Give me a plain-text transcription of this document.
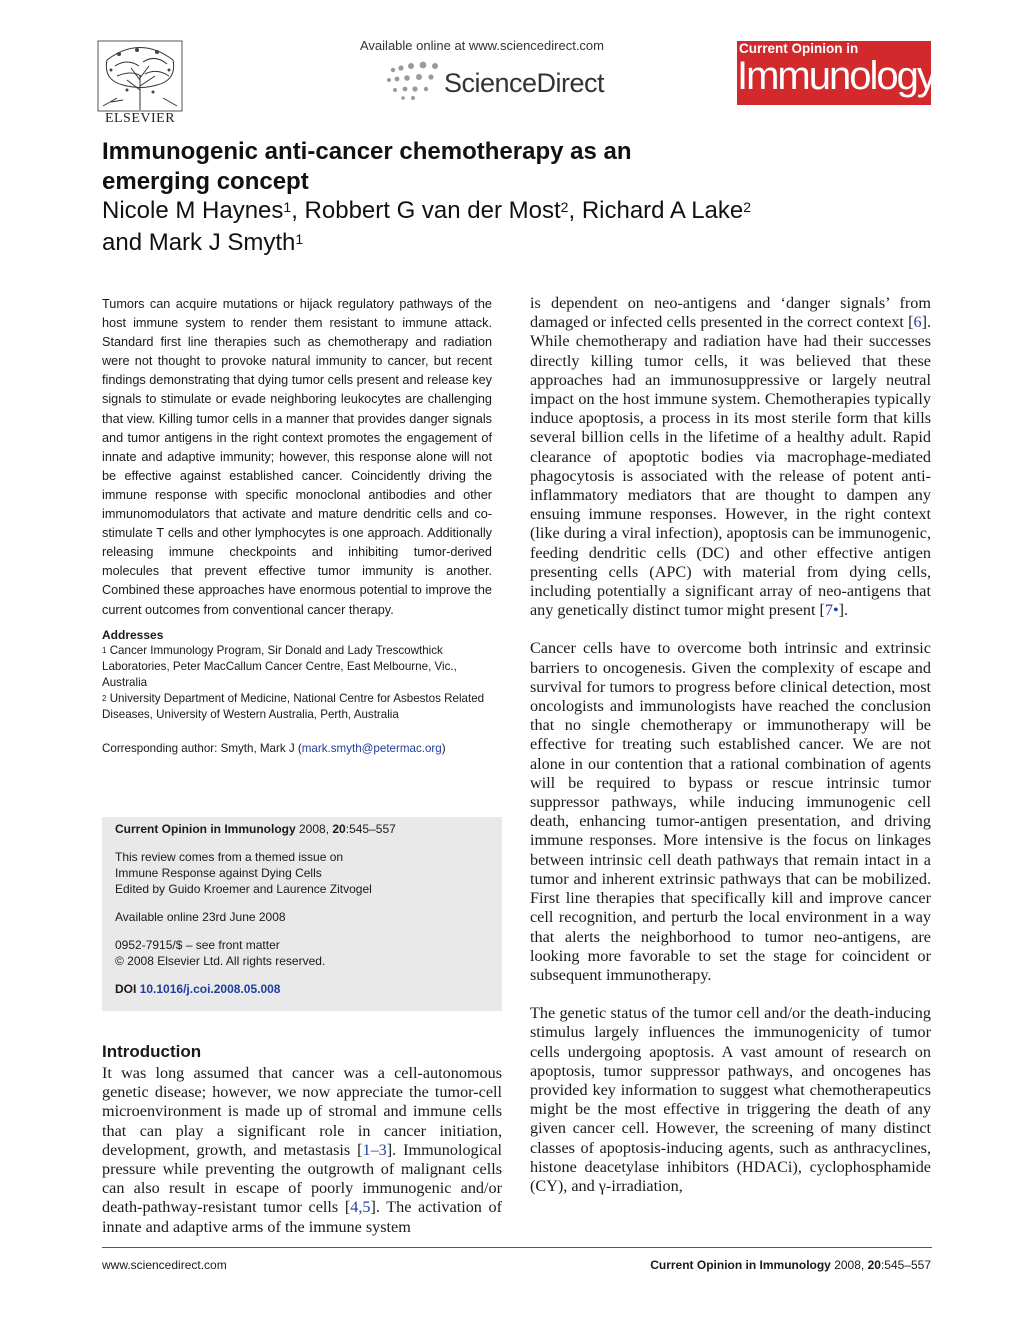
ELSEVIER
Available online at www.sciencedirect.com
ScienceDirect
Current Opinion in
Immunology
Immunogenic anti-cancer chemotherapy as an emerging concept
Nicole M Haynes$^1$, Robbert G van der Most$^2$, Richard A Lake$^2$
and Mark J Smyth$^1$

Tumors can acquire mutations or hijack regulatory pathways of the host immune system to render them resistant to immune attack. Standard first line therapies such as chemotherapy and radiation were not thought to provoke natural immunity to cancer, but recent findings demonstrating that dying tumor cells present and release key signals to stimulate or evade neighboring leukocytes are challenging that view. Killing tumor cells in a manner that provides danger signals and tumor antigens in the right context promotes the engagement of innate and adaptive immunity; however, this response alone will not be effective against established cancer. Coincidently driving the immune response with specific monoclonal antibodies and other immunomodulators that activate and mature dendritic cells and co-stimulate T cells and other lymphocytes is one approach. Additionally releasing immune checkpoints and inhibiting tumor-derived molecules that prevent effective tumor immunity is another. Combined these approaches have enormous potential to improve the current outcomes from conventional cancer therapy.

Addresses

$^1$ Cancer Immunology Program, Sir Donald and Lady Trescowthick Laboratories, Peter MacCallum Cancer Centre, East Melbourne, Vic., Australia

$^2$ University Department of Medicine, National Centre for Asbestos Related Diseases, University of Western Australia, Perth, Australia

Corresponding author: Smyth, Mark J (mark.smyth@petermac.org)

Current Opinion in Immunology 2008, 20:545–557

This review comes from a themed issue on

Immune Response against Dying Cells

Edited by Guido Kroemer and Laurence Zitvogel

Available online 23rd June 2008

0952-7915/$ – see front matter

© 2008 Elsevier Ltd. All rights reserved.

DOI 10.1016/j.coi.2008.05.008

Introduction

It was long assumed that cancer was a cell-autonomous genetic disease; however, we now appreciate the tumor-cell microenvironment is made up of stromal and immune cells that can play a significant role in cancer initiation, development, growth, and metastasis [1–3]. Immunological pressure while preventing the outgrowth of malignant cells can also result in escape of poorly immunogenic and/or death-pathway-resistant tumor cells [4,5]. The activation of innate and adaptive arms of the immune system

is dependent on neo-antigens and ‘danger signals’ from damaged or infected cells presented in the correct context [6]. While chemotherapy and radiation have had their successes directly killing tumor cells, it was believed that these approaches had an immunosuppressive or largely neutral impact on the host immune system. Chemotherapies typically induce apoptosis, a process in its most sterile form that kills several billion cells in the lifetime of a healthy adult. Rapid clearance of apoptotic bodies via macrophage-mediated phagocytosis is associated with the release of potent anti-inflammatory mediators that are thought to dampen any ensuing immune responses. However, in the right context (like during a viral infection), apoptosis can be immunogenic, feeding dendritic cells (DC) and other effective antigen presenting cells (APC) with material from dying cells, including potentially a significant array of neo-antigens that any genetically distinct tumor might present [7•].

Cancer cells have to overcome both intrinsic and extrinsic barriers to oncogenesis. Given the complexity of escape and survival for tumors to progress before clinical detection, most oncologists and immunologists have reached the conclusion that no single chemotherapy or immunotherapy will be effective for treating such established cancer. We are not alone in our contention that a rational combination of agents will be required to bypass or rescue intrinsic tumor suppressor pathways, while inducing immunogenic cell death, enhancing tumor-antigen presentation, and driving immune responses. More intensive is the focus on linkages between intrinsic cell death pathways that remain intact in a tumor and inherent extrinsic pathways that can be mobilized. First line therapies that specifically kill and improve cancer cell recognition, and perturb the local environment in a way that alerts the neighborhood to tumor neo-antigens, are looking more favorable to set the stage for coincident or subsequent immunotherapy.

The genetic status of the tumor cell and/or the death-inducing stimulus largely influences the immunogenicity of tumor cells undergoing apoptosis. A vast amount of research on apoptosis, tumor suppressor pathways, and oncogenes has provided key information to suggest what chemotherapeutics might be the most effective in triggering the death of any given cancer cell. However, the screening of many distinct classes of apoptosis-inducing agents, such as anthracyclines, histone deacetylase inhibitors (HDACi), cyclophosphamide (CY), and γ-irradiation,

www.sciencedirect.com	Current Opinion in Immunology 2008, 20:545–557
